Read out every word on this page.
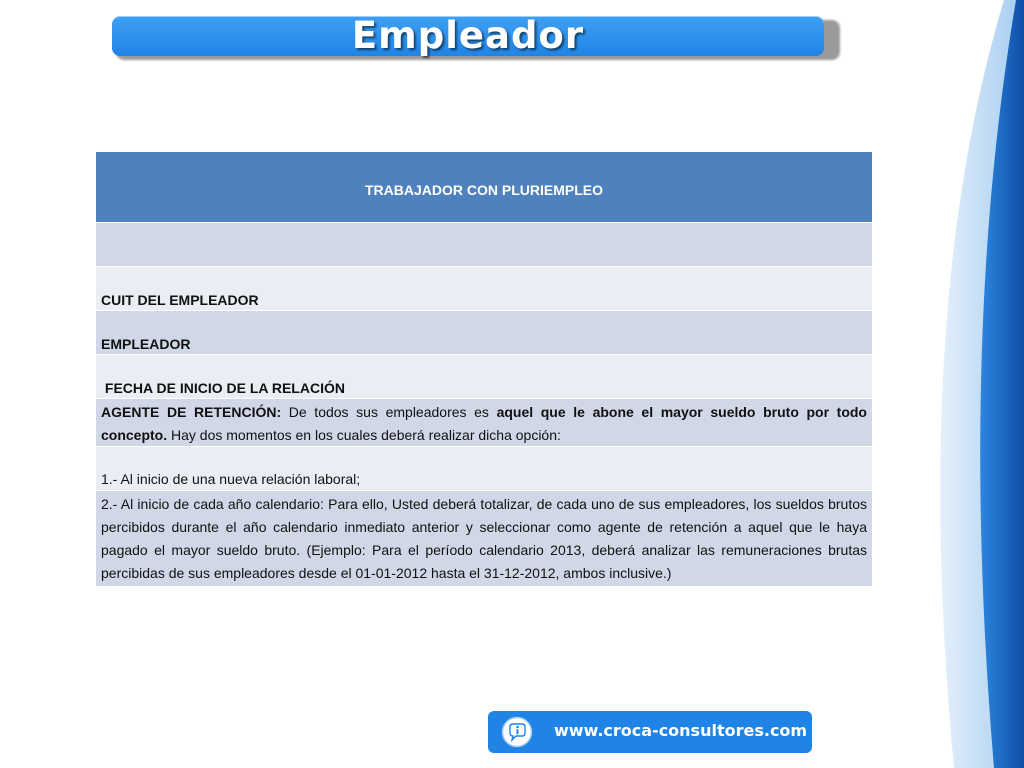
Empleador
TRABAJADOR CON PLURIEMPLEO
CUIT DEL EMPLEADOR
EMPLEADOR
FECHA DE INICIO DE LA RELACIÓN
AGENTE DE RETENCIÓN: De todos sus empleadores es aquel que le abone el mayor sueldo bruto por todo concepto. Hay dos momentos en los cuales deberá realizar dicha opción:
1.- Al inicio de una nueva relación laboral;
2.- Al inicio de cada año calendario: Para ello, Usted deberá totalizar, de cada uno de sus empleadores, los sueldos brutos percibidos durante el año calendario inmediato anterior y seleccionar como agente de retención a aquel que le haya pagado el mayor sueldo bruto. (Ejemplo: Para el período calendario 2013, deberá analizar las remuneraciones brutas percibidas de sus empleadores desde el 01-01-2012 hasta el 31-12-2012, ambos inclusive.)
www.croca-consultores.com
